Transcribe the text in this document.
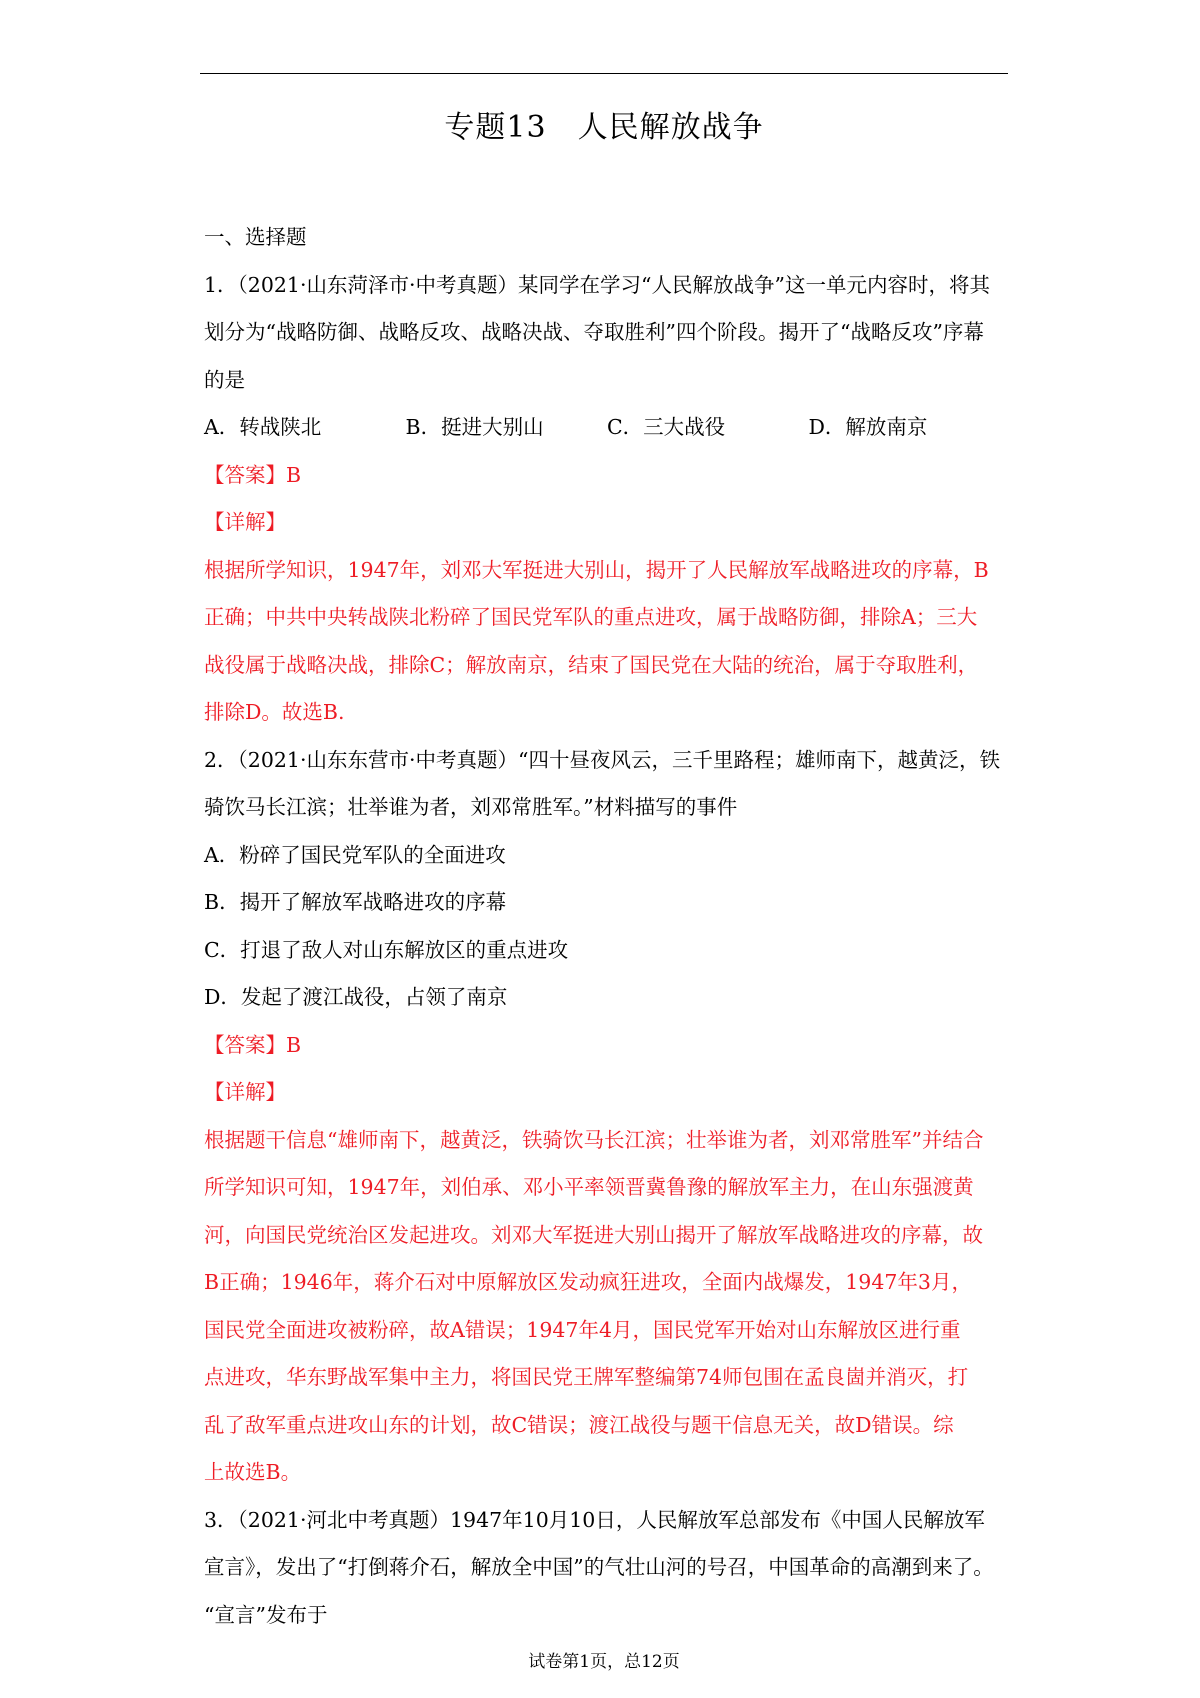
专题13　人民解放战争
一、选择题
1．（2021·山东菏泽市·中考真题）某同学在学习“人民解放战争”这一单元内容时，将其
划分为“战略防御、战略反攻、战略决战、夺取胜利”四个阶段。揭开了“战略反攻”序幕
的是
A．转战陕北	B．挺进大别山	C．三大战役	D．解放南京
【答案】B
【详解】
根据所学知识，1947年，刘邓大军挺进大别山，揭开了人民解放军战略进攻的序幕，B
正确；中共中央转战陕北粉碎了国民党军队的重点进攻，属于战略防御，排除A；三大
战役属于战略决战，排除C；解放南京，结束了国民党在大陆的统治，属于夺取胜利，
排除D。故选B.
2．（2021·山东东营市·中考真题）“四十昼夜风云，三千里路程；雄师南下，越黄泛，铁
骑饮马长江滨；壮举谁为者，刘邓常胜军。”材料描写的事件
A．粉碎了国民党军队的全面进攻
B．揭开了解放军战略进攻的序幕
C．打退了敌人对山东解放区的重点进攻
D．发起了渡江战役，占领了南京
【答案】B
【详解】
根据题干信息“雄师南下，越黄泛，铁骑饮马长江滨；壮举谁为者，刘邓常胜军”并结合
所学知识可知，1947年，刘伯承、邓小平率领晋冀鲁豫的解放军主力，在山东强渡黄
河，向国民党统治区发起进攻。刘邓大军挺进大别山揭开了解放军战略进攻的序幕，故
B正确；1946年，蒋介石对中原解放区发动疯狂进攻，全面内战爆发，1947年3月，
国民党全面进攻被粉碎，故A错误；1947年4月，国民党军开始对山东解放区进行重
点进攻，华东野战军集中主力，将国民党王牌军整编第74师包围在孟良崮并消灭，打
乱了敌军重点进攻山东的计划，故C错误；渡江战役与题干信息无关，故D错误。综
上故选B。
3．（2021·河北中考真题）1947年10月10日，人民解放军总部发布《中国人民解放军
宣言》，发出了“打倒蒋介石，解放全中国”的气壮山河的号召，中国革命的高潮到来了。
“宣言”发布于
试卷第1页，总12页
